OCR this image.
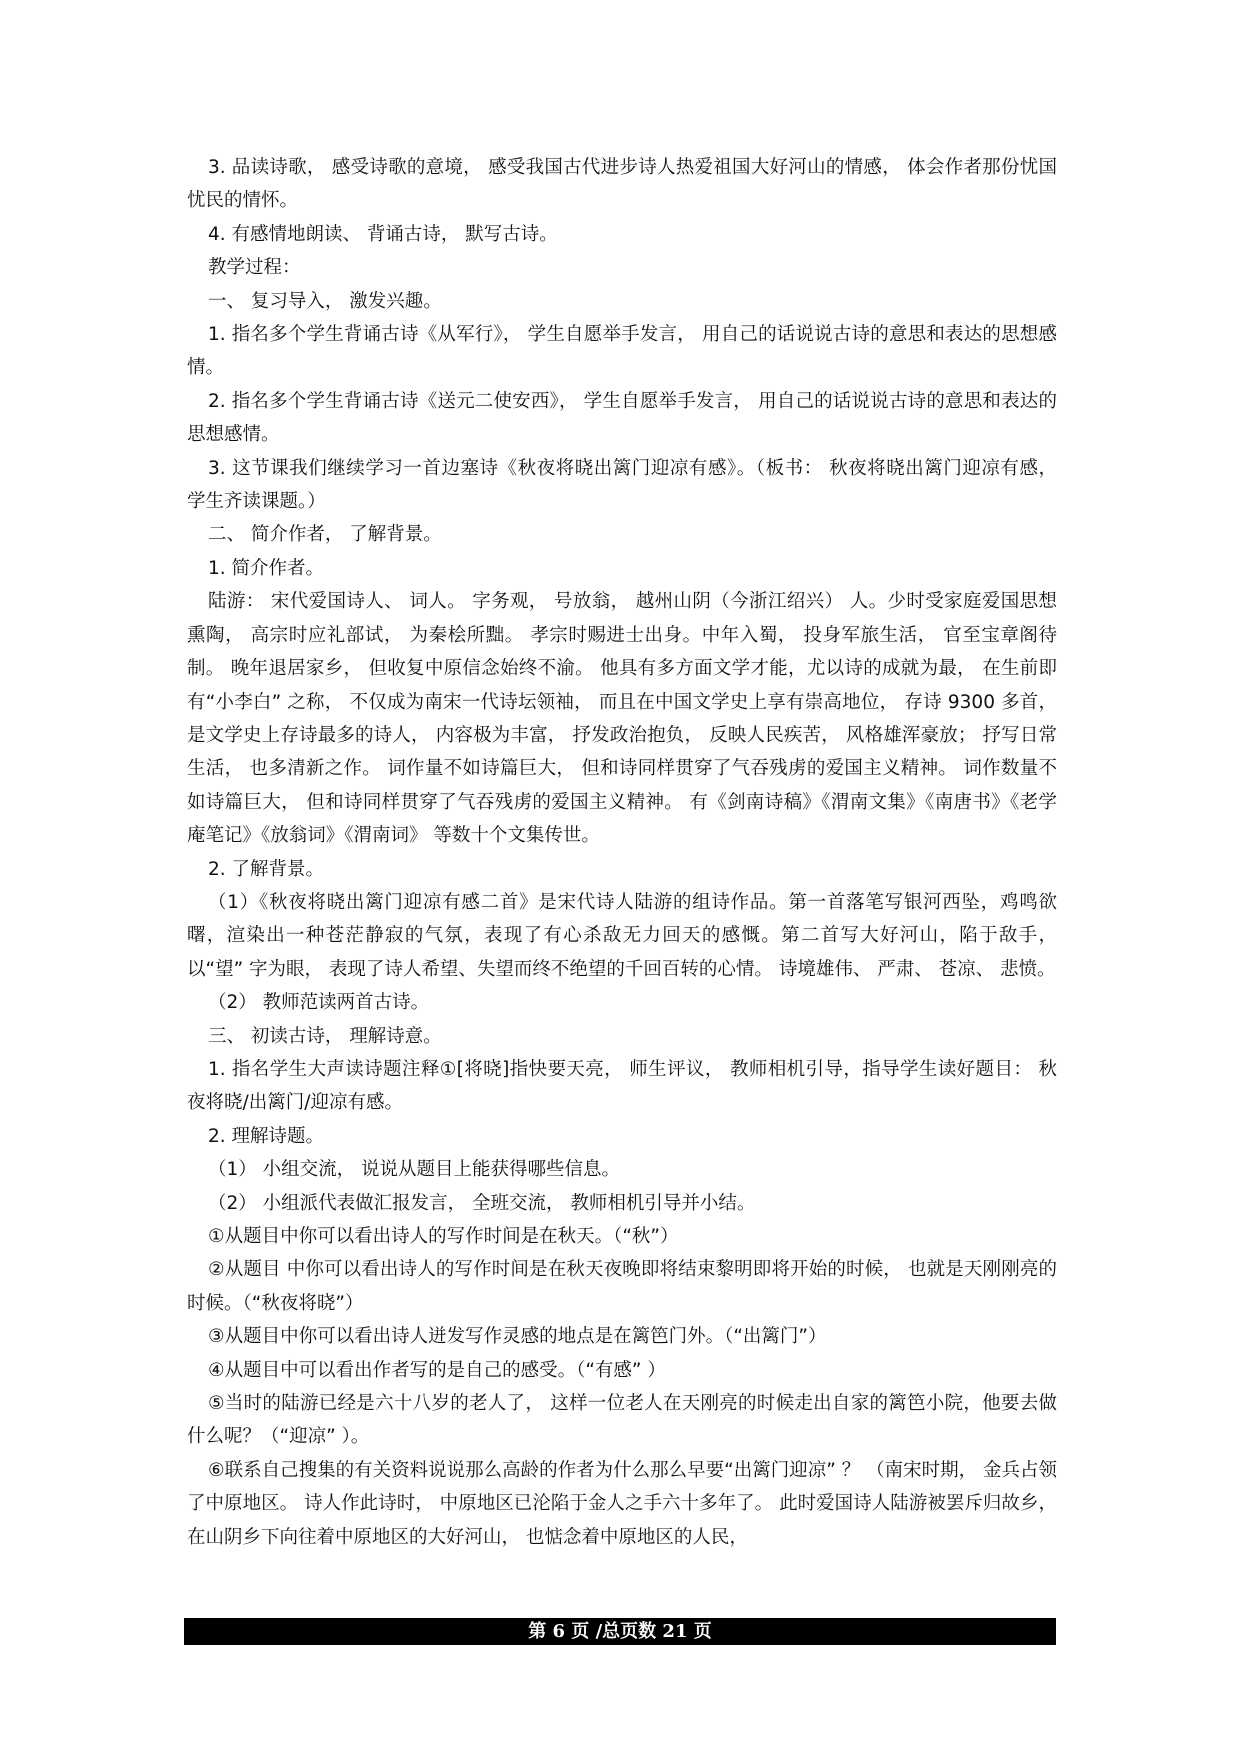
3. 品读诗歌， 感受诗歌的意境， 感受我国古代进步诗人热爱祖国大好河山的情感， 体会作者那份忧国忧民的情怀。

4. 有感情地朗读、 背诵古诗， 默写古诗。

教学过程：

一、 复习导入， 激发兴趣。

1. 指名多个学生背诵古诗《从军行》， 学生自愿举手发言， 用自己的话说说古诗的意思和表达的思想感情。

2. 指名多个学生背诵古诗《送元二使安西》， 学生自愿举手发言， 用自己的话说说古诗的意思和表达的思想感情。

3. 这节课我们继续学习一首边塞诗《秋夜将晓出篱门迎凉有感》。（板书： 秋夜将晓出篱门迎凉有感， 学生齐读课题。）

二、 简介作者， 了解背景。

1. 简介作者。

陆游： 宋代爱国诗人、 词人。 字务观， 号放翁， 越州山阴（今浙江绍兴） 人。少时受家庭爱国思想熏陶， 高宗时应礼部试， 为秦桧所黜。 孝宗时赐进士出身。中年入蜀， 投身军旅生活， 官至宝章阁待制。 晚年退居家乡， 但收复中原信念始终不渝。 他具有多方面文学才能，尤以诗的成就为最， 在生前即有“小李白” 之称， 不仅成为南宋一代诗坛领袖， 而且在中国文学史上享有崇高地位， 存诗 9300 多首， 是文学史上存诗最多的诗人， 内容极为丰富， 抒发政治抱负， 反映人民疾苦， 风格雄浑豪放； 抒写日常生活， 也多清新之作。 词作量不如诗篇巨大， 但和诗同样贯穿了气吞残虏的爱国主义精神。 词作数量不如诗篇巨大， 但和诗同样贯穿了气吞残虏的爱国主义精神。 有《剑南诗稿》《渭南文集》《南唐书》《老学庵笔记》《放翁词》《渭南词》 等数十个文集传世。

2. 了解背景。

（1）《秋夜将晓出篱门迎凉有感二首》是宋代诗人陆游的组诗作品。第一首落笔写银河西坠，鸡鸣欲曙，渲染出一种苍茫静寂的气氛，表现了有心杀敌无力回天的感慨。第二首写大好河山，陷于敌手， 以“望” 字为眼， 表现了诗人希望、失望而终不绝望的千回百转的心情。 诗境雄伟、 严肃、 苍凉、 悲愤。

（2） 教师范读两首古诗。

三、 初读古诗， 理解诗意。

1. 指名学生大声读诗题注释①[将晓]指快要天亮， 师生评议， 教师相机引导，指导学生读好题目： 秋夜将晓/出篱门/迎凉有感。

2. 理解诗题。

（1） 小组交流， 说说从题目上能获得哪些信息。

（2） 小组派代表做汇报发言， 全班交流， 教师相机引导并小结。

①从题目中你可以看出诗人的写作时间是在秋天。（“秋”）

②从题目 中你可以看出诗人的写作时间是在秋天夜晚即将结束黎明即将开始的时候， 也就是天刚刚亮的时候。（“秋夜将晓”）

③从题目中你可以看出诗人迸发写作灵感的地点是在篱笆门外。（“出篱门”）

④从题目中可以看出作者写的是自己的感受。（“有感” ）

⑤当时的陆游已经是六十八岁的老人了， 这样一位老人在天刚亮的时候走出自家的篱笆小院，他要去做什么呢？（“迎凉” ）。

⑥联系自己搜集的有关资料说说那么高龄的作者为什么那么早要“出篱门迎凉” ？ （南宋时期， 金兵占领了中原地区。 诗人作此诗时， 中原地区已沦陷于金人之手六十多年了。 此时爱国诗人陆游被罢斥归故乡， 在山阴乡下向往着中原地区的大好河山， 也惦念着中原地区的人民，

第 6 页 /总页数 21 页
